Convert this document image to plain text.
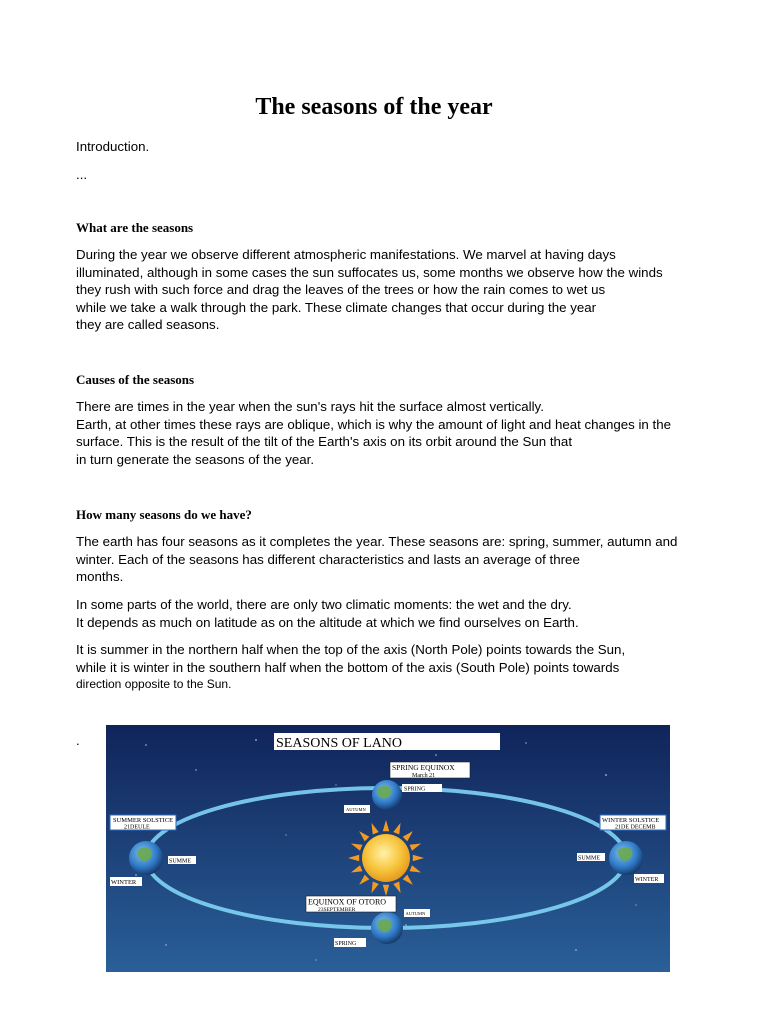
The seasons of the year

Introduction.

...

What are the seasons
During the year we observe different atmospheric manifestations. We marvel at having days
illuminated, although in some cases the sun suffocates us, some months we observe how the winds
they rush with such force and drag the leaves of the trees or how the rain comes to wet us
while we take a walk through the park. These climate changes that occur during the year
they are called seasons.
Causes of the seasons
There are times in the year when the sun's rays hit the surface almost vertically.
Earth, at other times these rays are oblique, which is why the amount of light and heat changes in the
surface. This is the result of the tilt of the Earth's axis on its orbit around the Sun that
in turn generate the seasons of the year.
How many seasons do we have?
The earth has four seasons as it completes the year. These seasons are: spring, summer, autumn and
winter. Each of the seasons has different characteristics and lasts an average of three
months.
In some parts of the world, there are only two climatic moments: the wet and the dry.
It depends as much on latitude as on the altitude at which we find ourselves on Earth.
It is summer in the northern half when the top of the axis (North Pole) points towards the Sun,
while it is winter in the southern half when the bottom of the axis (South Pole) points towards
direction opposite to the Sun.

.	SEASONS OF LANO
SPRING EQUINOX
March 21
SPRING
AUTUMN
SUMMER SOLSTICE
21DEULE
SUMME
WINTER
WINTER SOLSTICE
21DE DECEMB
SUMME
WINTER
EQUINOX OF OTORO
23SEPTEMBER
AUTUMN
SPRING
